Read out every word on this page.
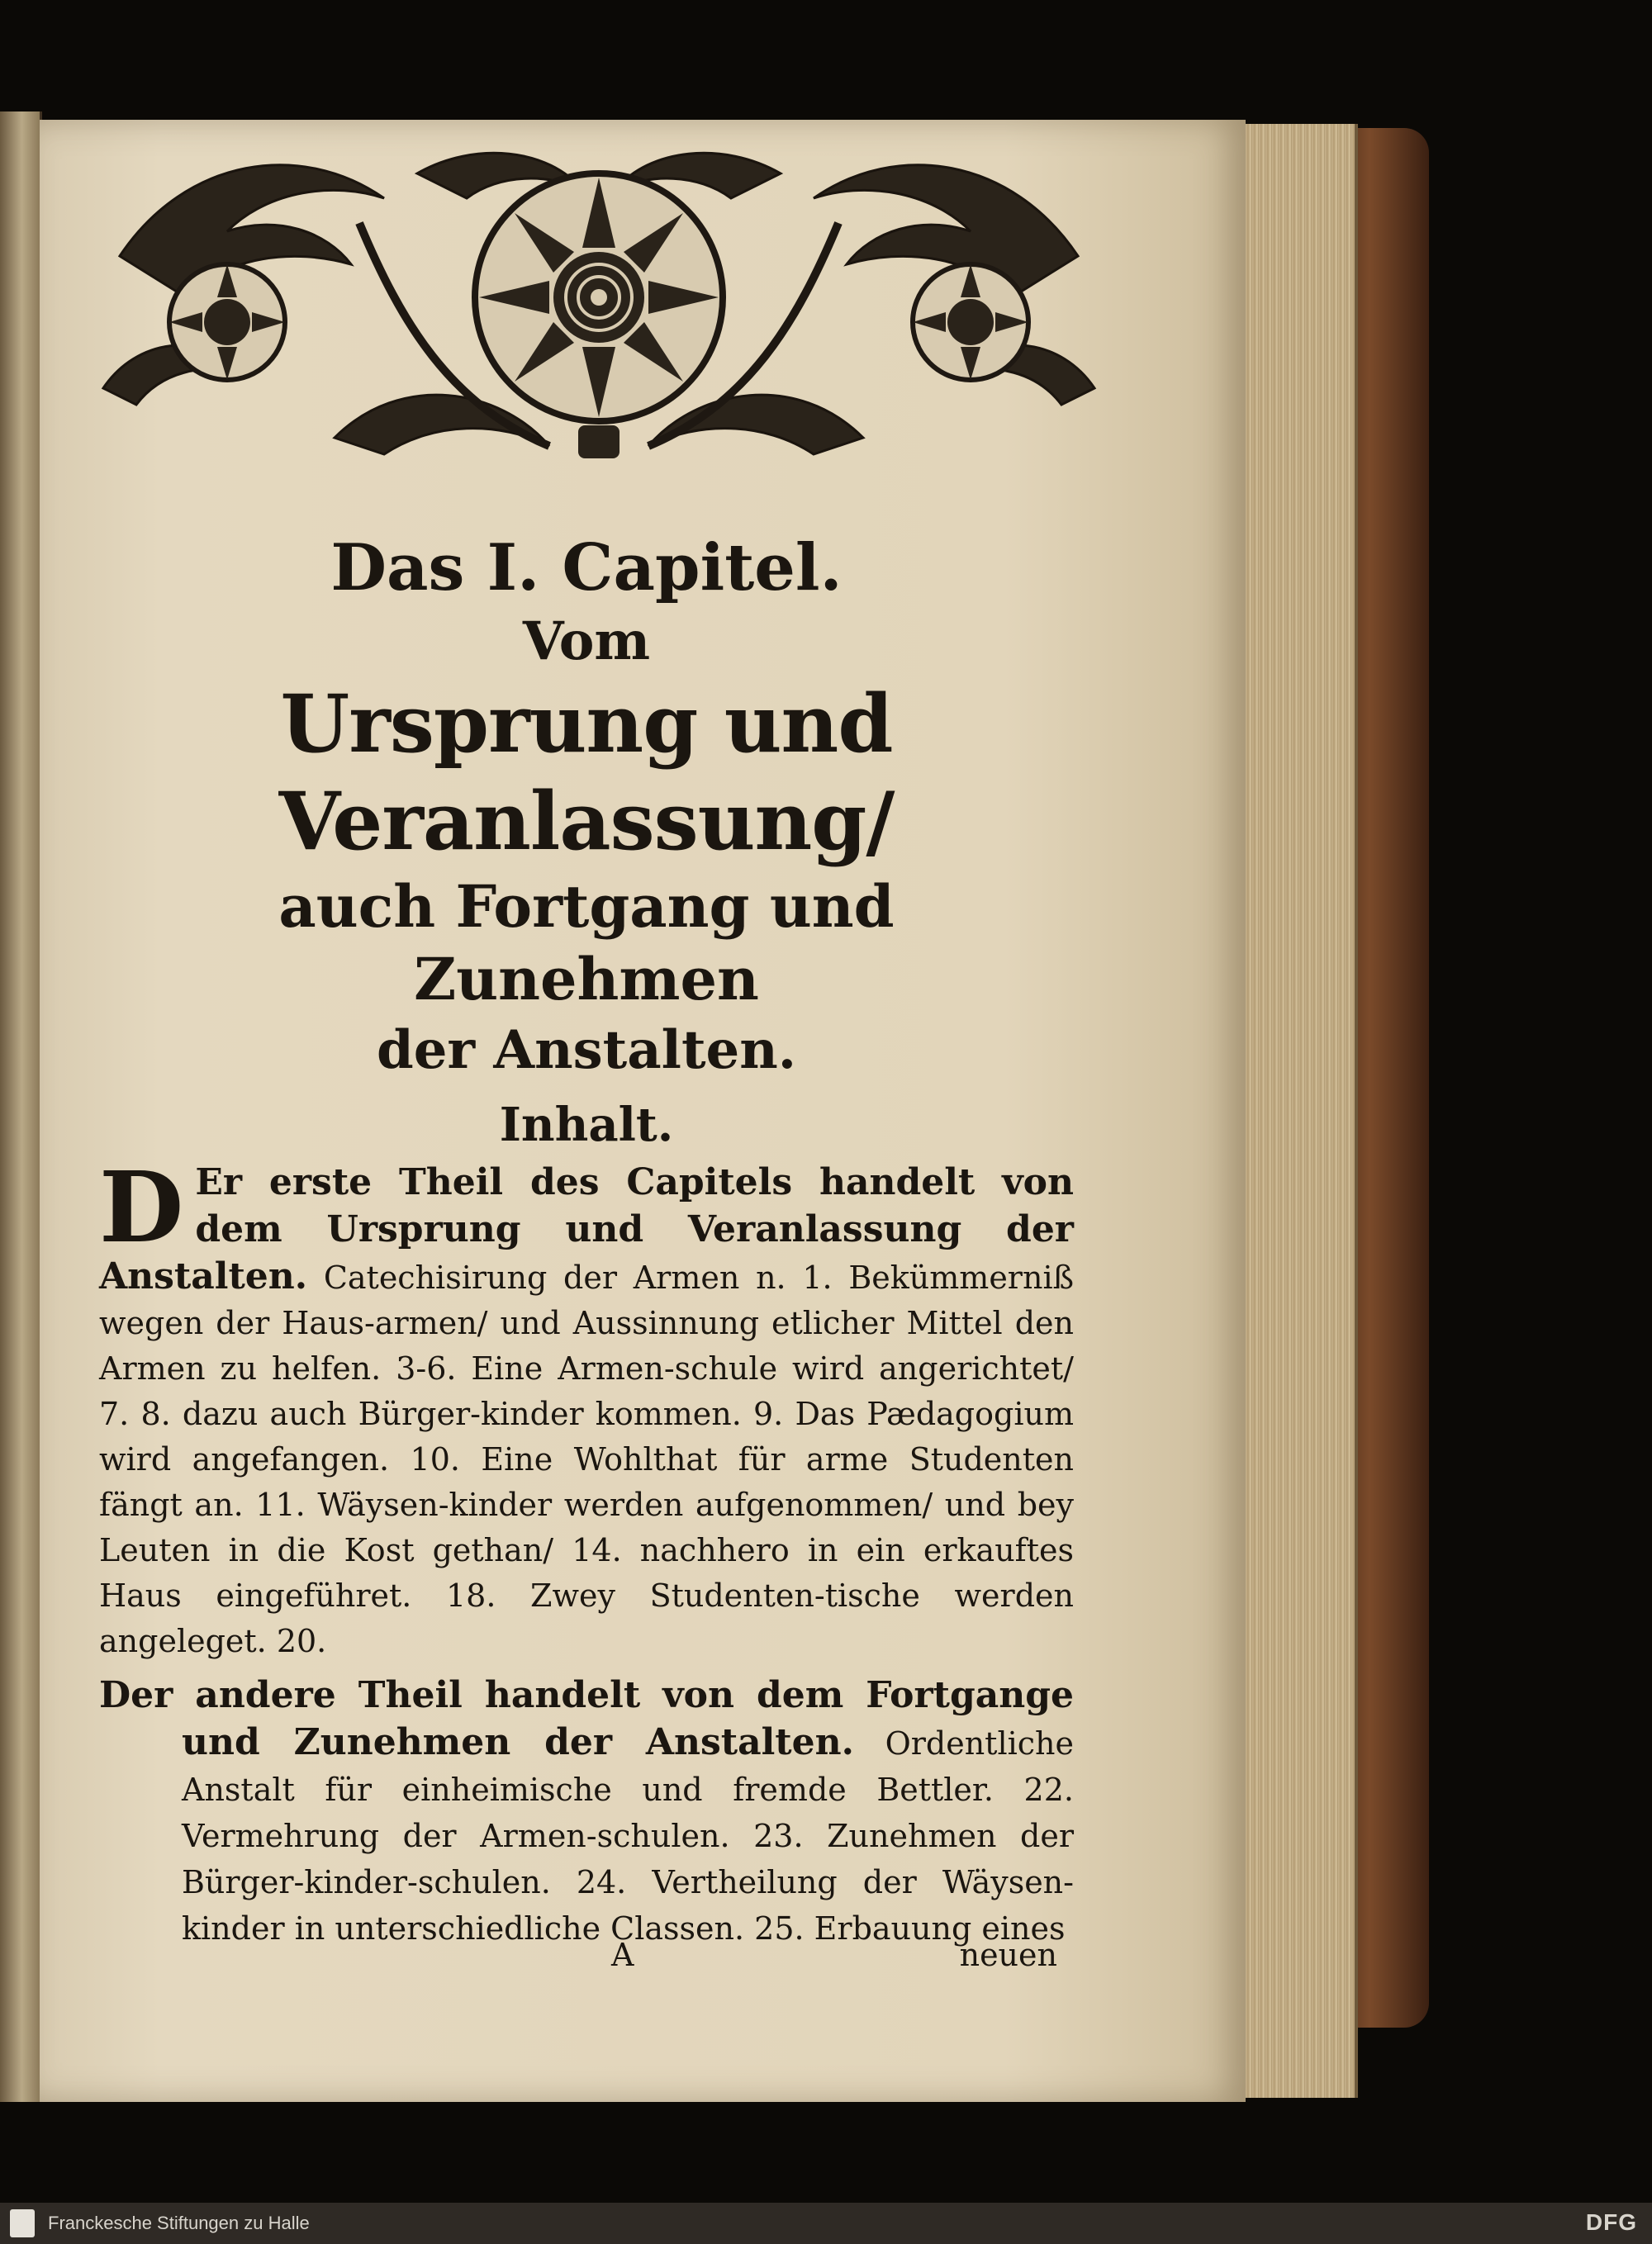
Das I. Capitel.

Vom

Ursprung und Veranlassung/

auch Fortgang und Zunehmen

der Anstalten.

Inhalt.

D Er erste Theil des Capitels handelt von dem Ursprung und Veranlassung der Anstalten. Catechisirung der Armen n. 1. Bekümmerniß wegen der Haus-armen/ und Aussinnung etlicher Mittel den Armen zu helfen. 3-6. Eine Armen-schule wird angerichtet/ 7. 8. dazu auch Bürger-kinder kommen. 9. Das Pædagogium wird angefangen. 10. Eine Wohlthat für arme Studenten fängt an. 11. Wäysen-kinder werden aufgenommen/ und bey Leuten in die Kost gethan/ 14. nachhero in ein erkauftes Haus eingeführet. 18. Zwey Studenten-tische werden angeleget. 20.

Der andere Theil handelt von dem Fortgange und Zunehmen der Anstalten. Ordentliche Anstalt für einheimische und fremde Bettler. 22. Vermehrung der Armen-schulen. 23. Zunehmen der Bürger-kinder-schulen. 24. Vertheilung der Wäysen-kinder in unterschiedliche Classen. 25. Erbauung eines

A	neuen
Franckesche Stiftungen zu Halle	DFG
